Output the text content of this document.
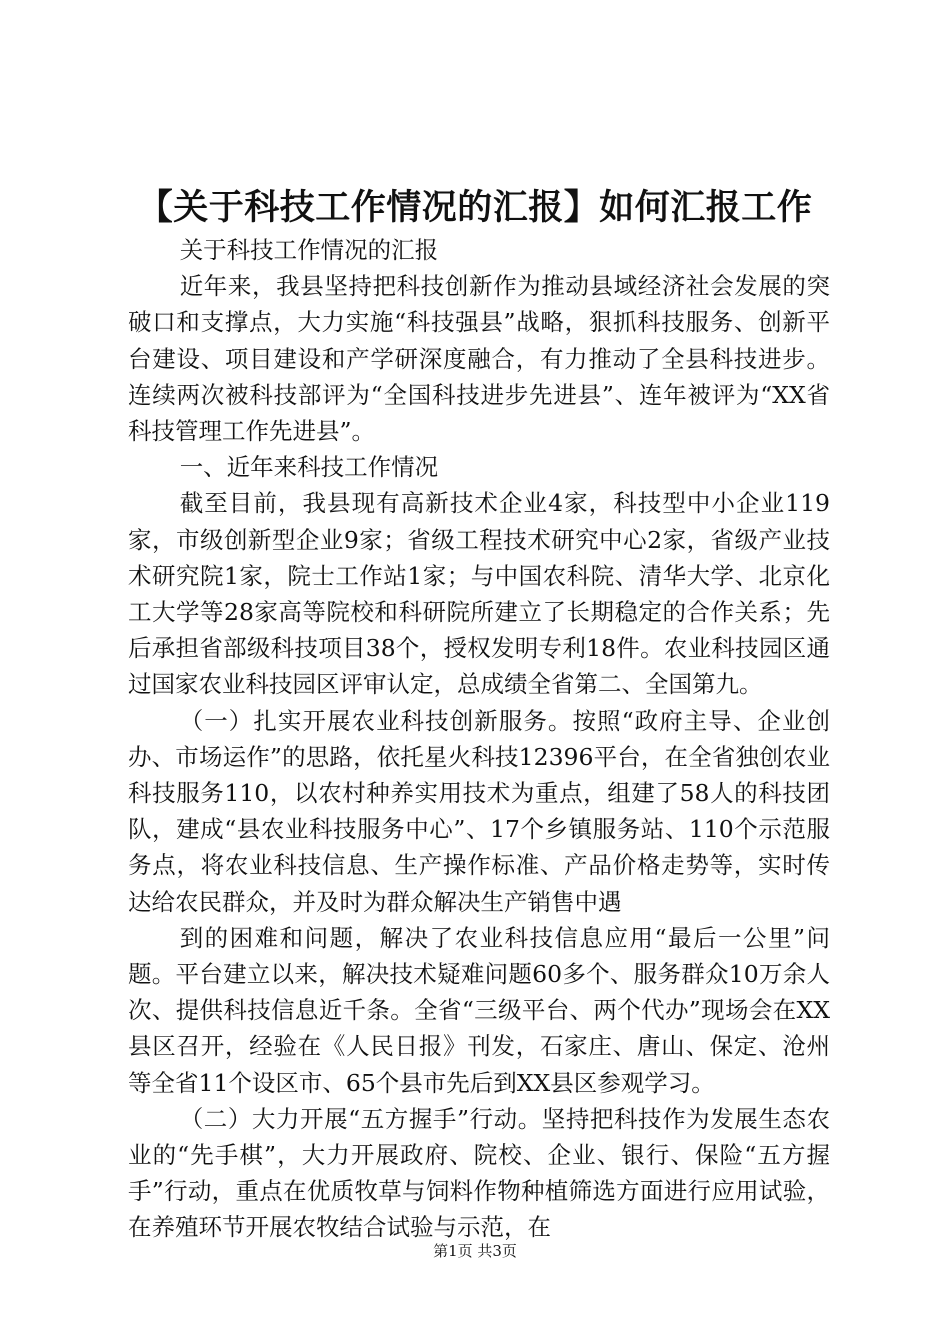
【关于科技工作情况的汇报】如何汇报工作

关于科技工作情况的汇报

近年来，我县坚持把科技创新作为推动县域经济社会发展的突破口和支撑点，大力实施“科技强县”战略，狠抓科技服务、创新平台建设、项目建设和产学研深度融合，有力推动了全县科技进步。连续两次被科技部评为“全国科技进步先进县”、连年被评为“XX省科技管理工作先进县”。

一、近年来科技工作情况

截至目前，我县现有高新技术企业4家，科技型中小企业119家，市级创新型企业9家；省级工程技术研究中心2家，省级产业技术研究院1家，院士工作站1家；与中国农科院、清华大学、北京化工大学等28家高等院校和科研院所建立了长期稳定的合作关系；先后承担省部级科技项目38个，授权发明专利18件。农业科技园区通过国家农业科技园区评审认定，总成绩全省第二、全国第九。

（一）扎实开展农业科技创新服务。按照“政府主导、企业创办、市场运作”的思路，依托星火科技12396平台，在全省独创农业科技服务110，以农村种养实用技术为重点，组建了58人的科技团队，建成“县农业科技服务中心”、17个乡镇服务站、110个示范服务点，将农业科技信息、生产操作标准、产品价格走势等，实时传达给农民群众，并及时为群众解决生产销售中遇

到的困难和问题，解决了农业科技信息应用“最后一公里”问题。平台建立以来，解决技术疑难问题60多个、服务群众10万余人次、提供科技信息近千条。全省“三级平台、两个代办”现场会在XX县区召开，经验在《人民日报》刊发，石家庄、唐山、保定、沧州等全省11个设区市、65个县市先后到XX县区参观学习。

（二）大力开展“五方握手”行动。坚持把科技作为发展生态农业的“先手棋”，大力开展政府、院校、企业、银行、保险“五方握手”行动，重点在优质牧草与饲料作物种植筛选方面进行应用试验，在养殖环节开展农牧结合试验与示范，在

第1页 共3页
